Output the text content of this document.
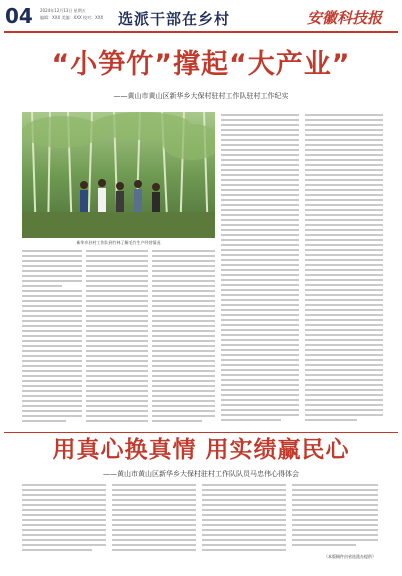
04 2024年12月13日 星期五
编辑：XXX 美编：XXX 校对：XXX 选派干部在乡村	安徽科技报
“小笋竹”撑起“大产业”
——黄山市黄山区新华乡大保村驻村工作队驻村工作纪实
新华乡驻村工作队到竹林了解毛竹生产经营情况
用真心换真情 用实绩赢民心
——黄山市黄山区新华乡大保村驻村工作队队员马忠伟心得体会
（本版稿件由省选派办提供）
